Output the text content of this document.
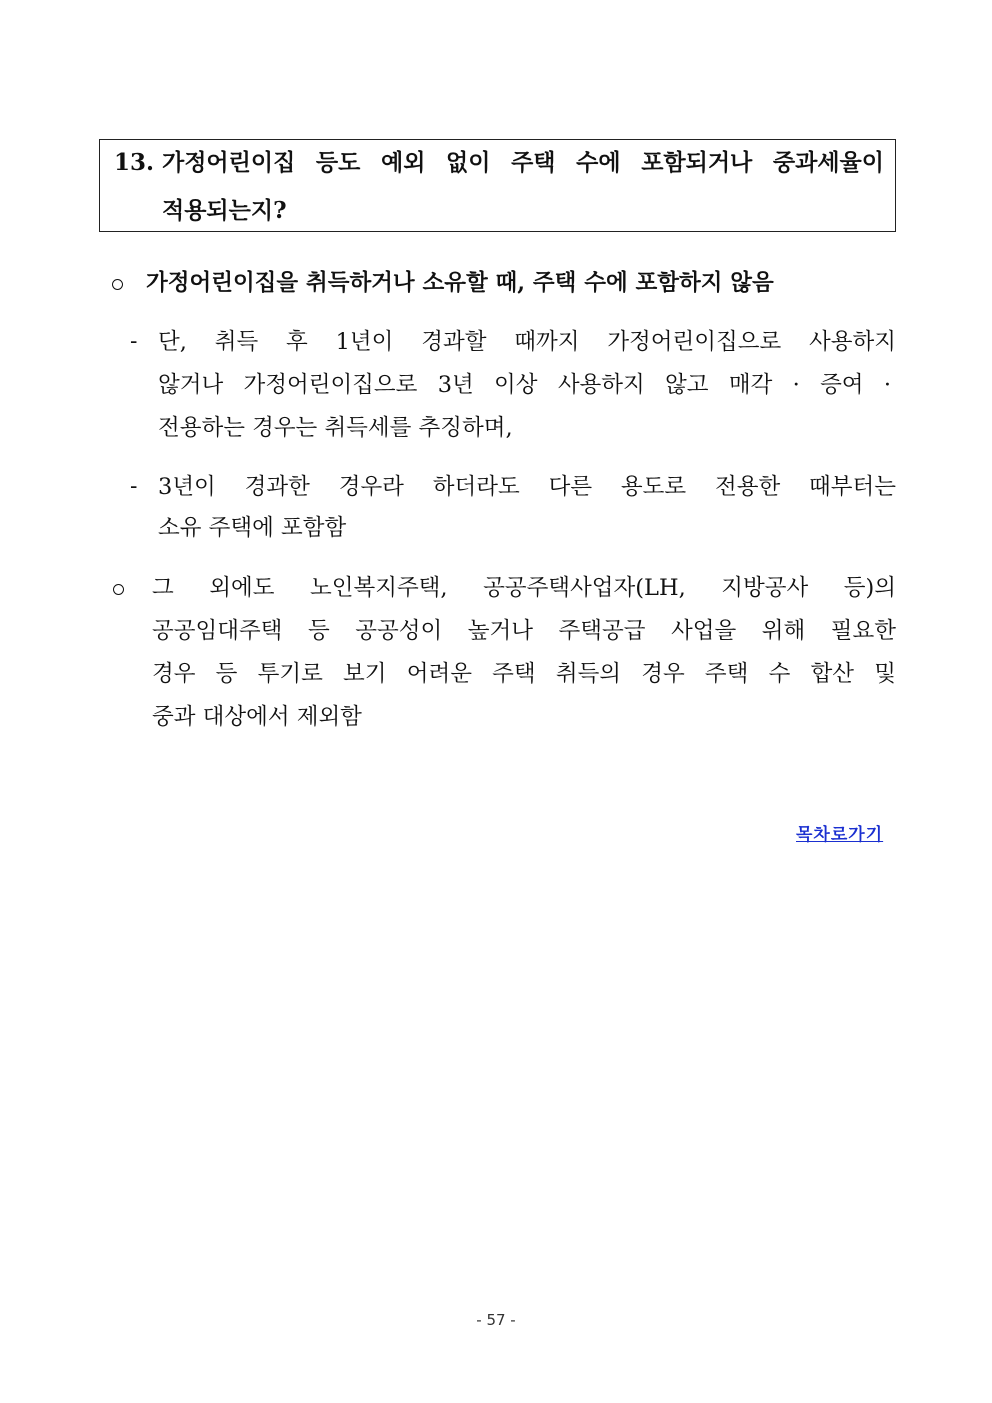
13. 가정어린이집 등도 예외 없이 주택 수에 포함되거나 중과세율이
적용되는지?
가정어린이집을 취득하거나 소유할 때, 주택 수에 포함하지 않음
- 단, 취득 후 1년이 경과할 때까지 가정어린이집으로 사용하지
않거나 가정어린이집으로 3년 이상 사용하지 않고 매각 · 증여 ·
전용하는 경우는 취득세를 추징하며,
- 3년이 경과한 경우라 하더라도 다른 용도로 전용한 때부터는
소유 주택에 포함함
그 외에도 노인복지주택, 공공주택사업자(LH, 지방공사 등)의
공공임대주택 등 공공성이 높거나 주택공급 사업을 위해 필요한
경우 등 투기로 보기 어려운 주택 취득의 경우 주택 수 합산 및
중과 대상에서 제외함
목차로가기
- 57 -
